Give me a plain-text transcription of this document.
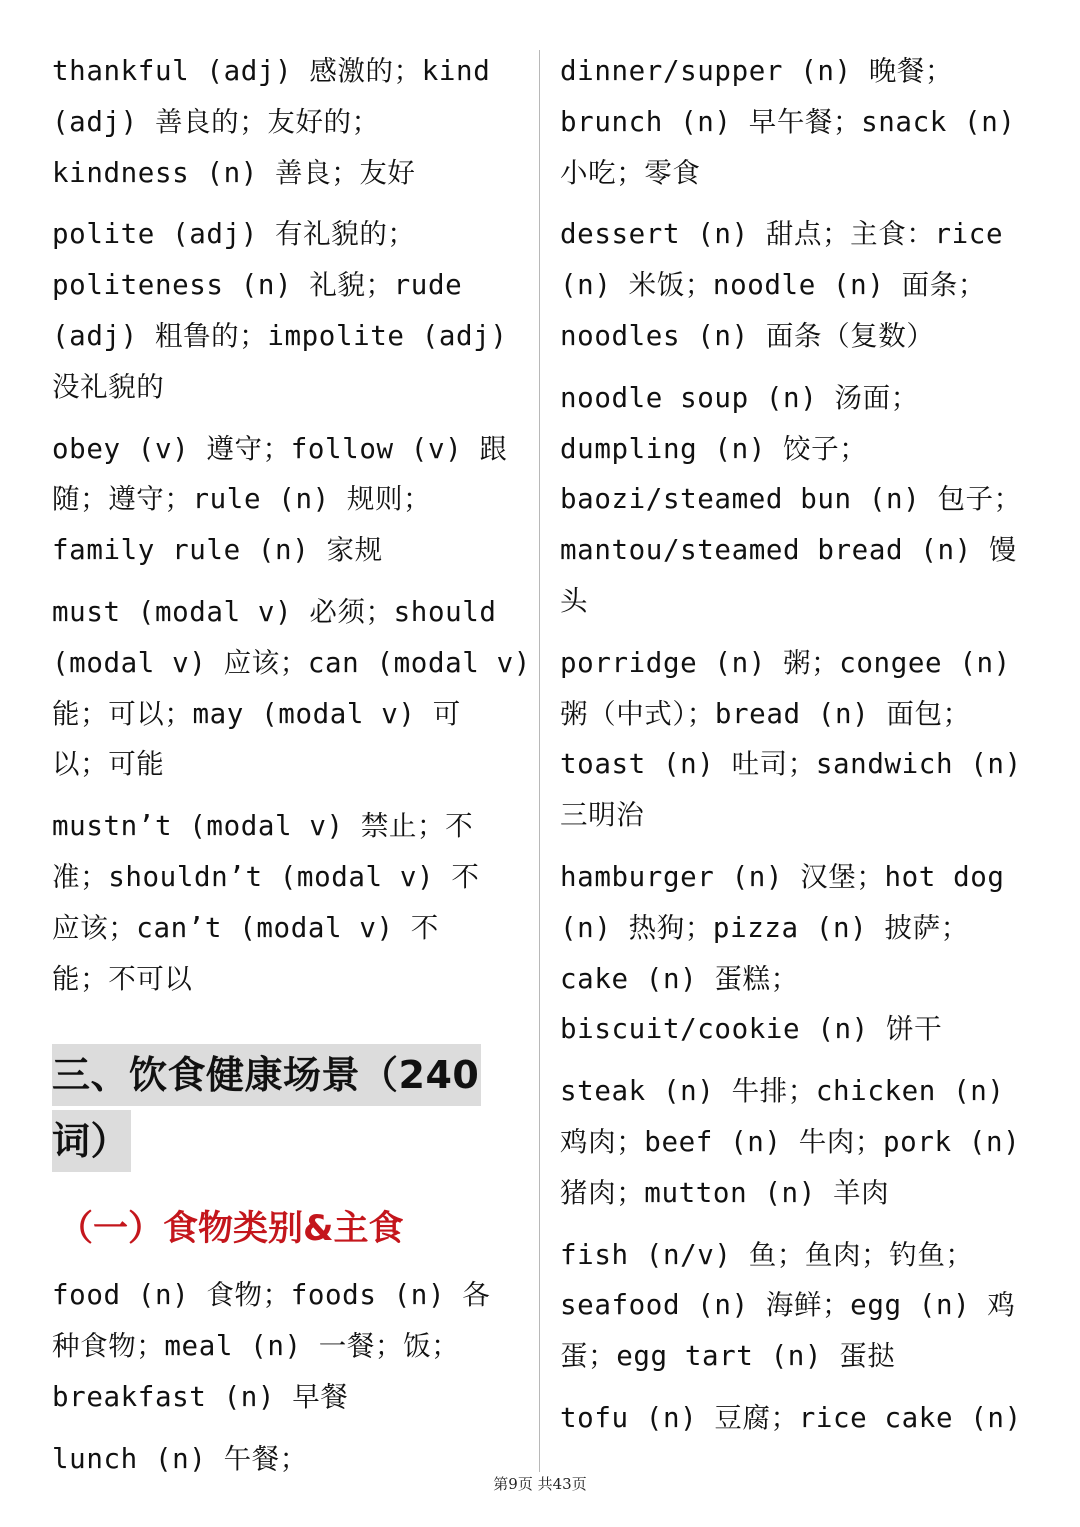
thankful (adj) 感激的；kind
(adj) 善良的；友好的；
kindness (n) 善良；友好
polite (adj) 有礼貌的；
politeness (n) 礼貌；rude
(adj) 粗鲁的；impolite (adj)
没礼貌的
obey (v) 遵守；follow (v) 跟
随；遵守；rule (n) 规则；
family rule (n) 家规
must (modal v) 必须；should
(modal v) 应该；can (modal v)
能；可以；may (modal v) 可
以；可能
mustn’t (modal v) 禁止；不
准；shouldn’t (modal v) 不
应该；can’t (modal v) 不
能；不可以
三、饮食健康场景（240
词）
（一）食物类别&主食
food (n) 食物；foods (n) 各
种食物；meal (n) 一餐；饭；
breakfast (n) 早餐
lunch (n) 午餐；
dinner/supper (n) 晚餐；
brunch (n) 早午餐；snack (n)
小吃；零食
dessert (n) 甜点；主食：rice
(n) 米饭；noodle (n) 面条；
noodles (n) 面条（复数）
noodle soup (n) 汤面；
dumpling (n) 饺子；
baozi/steamed bun (n) 包子；
mantou/steamed bread (n) 馒
头
porridge (n) 粥；congee (n)
粥（中式）；bread (n) 面包；
toast (n) 吐司；sandwich (n)
三明治
hamburger (n) 汉堡；hot dog
(n) 热狗；pizza (n) 披萨；
cake (n) 蛋糕；
biscuit/cookie (n) 饼干
steak (n) 牛排；chicken (n)
鸡肉；beef (n) 牛肉；pork (n)
猪肉；mutton (n) 羊肉
fish (n/v) 鱼；鱼肉；钓鱼；
seafood (n) 海鲜；egg (n) 鸡
蛋；egg tart (n) 蛋挞
tofu (n) 豆腐；rice cake (n)
第9页 共43页
